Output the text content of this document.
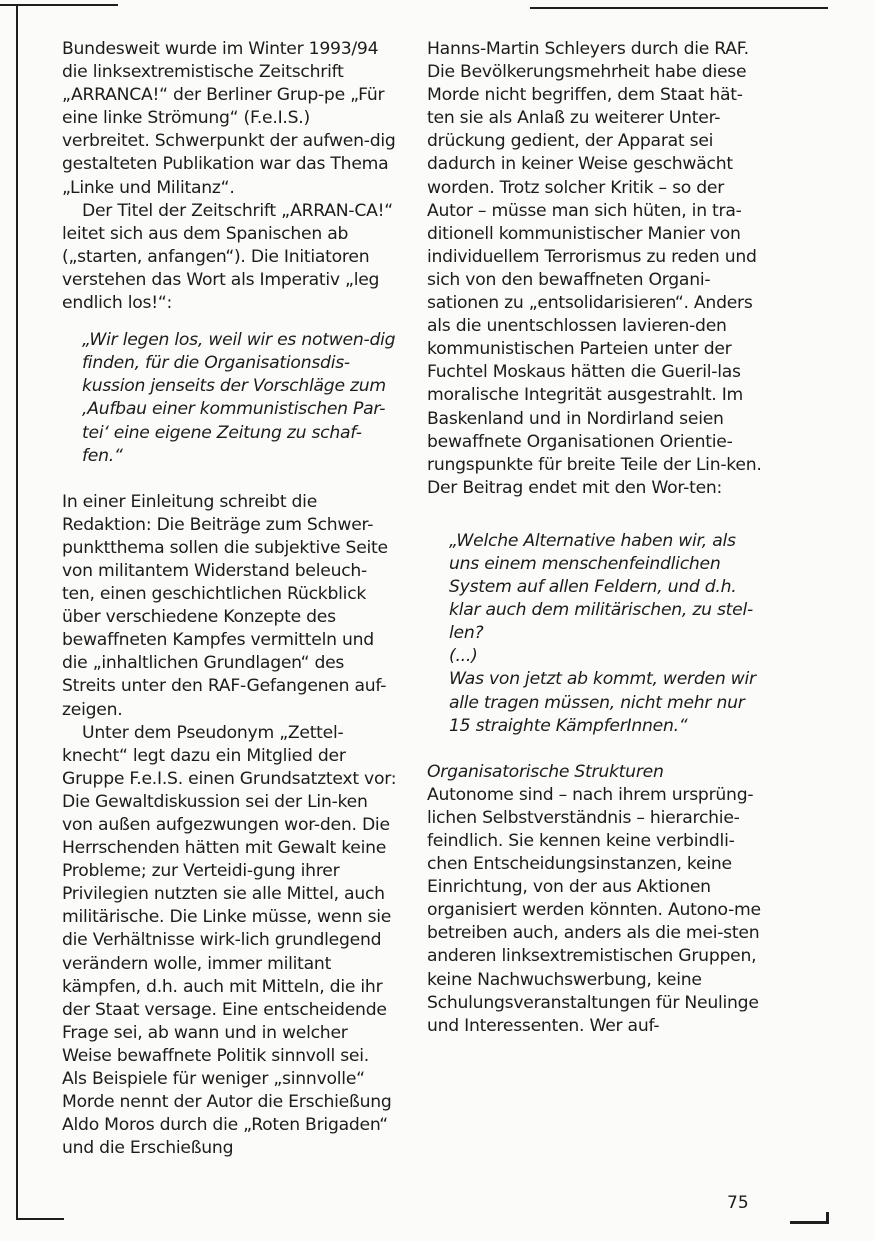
Bundesweit wurde im Winter 1993/94 die linksextremistische Zeitschrift „ARRANCA!“ der Berliner Grup-pe „Für eine linke Strömung“ (F.e.I.S.) verbreitet. Schwerpunkt der aufwen-dig gestalteten Publikation war das Thema „Linke und Militanz“.

Der Titel der Zeitschrift „ARRAN-CA!“ leitet sich aus dem Spanischen ab („starten, anfangen“). Die Initiatoren verstehen das Wort als Imperativ „leg endlich los!“:

„Wir legen los, weil wir es notwen-dig finden, für die Organisationsdis-kussion jenseits der Vorschläge zum ‚Aufbau einer kommunistischen Par-tei‘ eine eigene Zeitung zu schaf-fen.“

In einer Einleitung schreibt die Redaktion: Die Beiträge zum Schwer-punktthema sollen die subjektive Seite von militantem Widerstand beleuch-ten, einen geschichtlichen Rückblick über verschiedene Konzepte des bewaffneten Kampfes vermitteln und die „inhaltlichen Grundlagen“ des Streits unter den RAF-Gefangenen auf-zeigen.

Unter dem Pseudonym „Zettel-knecht“ legt dazu ein Mitglied der Gruppe F.e.I.S. einen Grundsatztext vor: Die Gewaltdiskussion sei der Lin-ken von außen aufgezwungen wor-den. Die Herrschenden hätten mit Gewalt keine Probleme; zur Verteidi-gung ihrer Privilegien nutzten sie alle Mittel, auch militärische. Die Linke müsse, wenn sie die Verhältnisse wirk-lich grundlegend verändern wolle, immer militant kämpfen, d.h. auch mit Mitteln, die ihr der Staat versage. Eine entscheidende Frage sei, ab wann und in welcher Weise bewaffnete Politik sinnvoll sei. Als Beispiele für weniger „sinnvolle“ Morde nennt der Autor die Erschießung Aldo Moros durch die „Roten Brigaden“ und die Erschießung

Hanns-Martin Schleyers durch die RAF. Die Bevölkerungsmehrheit habe diese Morde nicht begriffen, dem Staat hät-ten sie als Anlaß zu weiterer Unter-drückung gedient, der Apparat sei dadurch in keiner Weise geschwächt worden. Trotz solcher Kritik – so der Autor – müsse man sich hüten, in tra-ditionell kommunistischer Manier von individuellem Terrorismus zu reden und sich von den bewaffneten Organi-sationen zu „entsolidarisieren“. Anders als die unentschlossen lavieren-den kommunistischen Parteien unter der Fuchtel Moskaus hätten die Gueril-las moralische Integrität ausgestrahlt. Im Baskenland und in Nordirland seien bewaffnete Organisationen Orientie-rungspunkte für breite Teile der Lin-ken. Der Beitrag endet mit den Wor-ten:

„Welche Alternative haben wir, als uns einem menschenfeindlichen System auf allen Feldern, und d.h. klar auch dem militärischen, zu stel-len?
(...)
Was von jetzt ab kommt, werden wir alle tragen müssen, nicht mehr nur 15 straighte KämpferInnen.“

Organisatorische Strukturen

Autonome sind – nach ihrem ursprüng-lichen Selbstverständnis – hierarchie-feindlich. Sie kennen keine verbindli-chen Entscheidungsinstanzen, keine Einrichtung, von der aus Aktionen organisiert werden könnten. Autono-me betreiben auch, anders als die mei-sten anderen linksextremistischen Gruppen, keine Nachwuchswerbung, keine Schulungsveranstaltungen für Neulinge und Interessenten. Wer auf-

75
